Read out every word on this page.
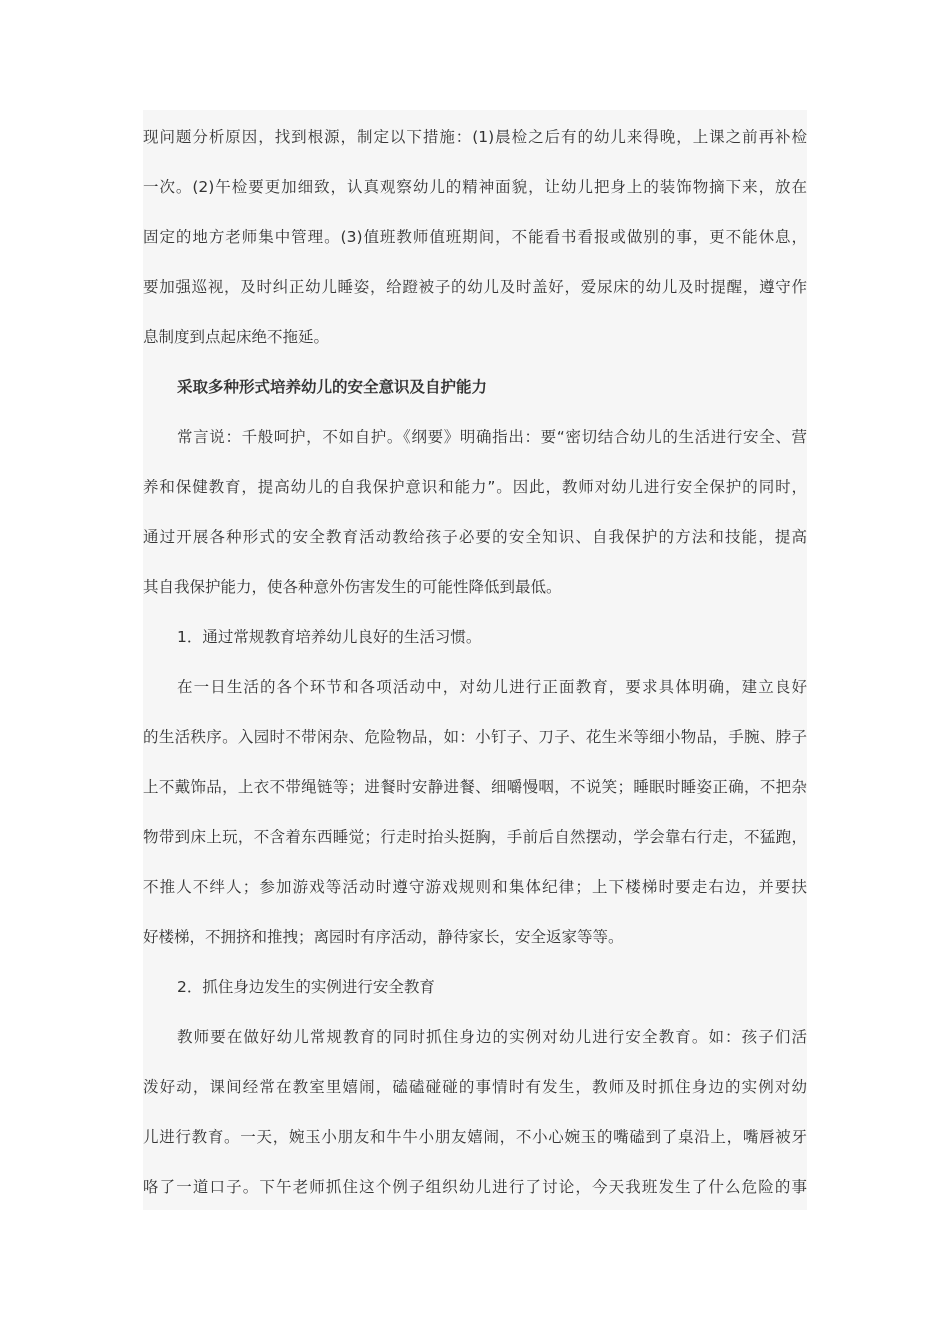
现问题分析原因，找到根源，制定以下措施：(1)晨检之后有的幼儿来得晚，上课之前再补检
一次。(2)午检要更加细致，认真观察幼儿的精神面貌，让幼儿把身上的装饰物摘下来，放在
固定的地方老师集中管理。(3)值班教师值班期间，不能看书看报或做别的事，更不能休息，
要加强巡视，及时纠正幼儿睡姿，给蹬被子的幼儿及时盖好，爱尿床的幼儿及时提醒，遵守作
息制度到点起床绝不拖延。
采取多种形式培养幼儿的安全意识及自护能力
常言说：千般呵护，不如自护。《纲要》明确指出：要“密切结合幼儿的生活进行安全、营
养和保健教育，提高幼儿的自我保护意识和能力”。因此，教师对幼儿进行安全保护的同时，
通过开展各种形式的安全教育活动教给孩子必要的安全知识、自我保护的方法和技能，提高
其自我保护能力，使各种意外伤害发生的可能性降低到最低。
1．通过常规教育培养幼儿良好的生活习惯。
在一日生活的各个环节和各项活动中，对幼儿进行正面教育，要求具体明确，建立良好
的生活秩序。入园时不带闲杂、危险物品，如：小钉子、刀子、花生米等细小物品，手腕、脖子
上不戴饰品，上衣不带绳链等；进餐时安静进餐、细嚼慢咽，不说笑；睡眠时睡姿正确，不把杂
物带到床上玩，不含着东西睡觉；行走时抬头挺胸，手前后自然摆动，学会靠右行走，不猛跑，
不推人不绊人；参加游戏等活动时遵守游戏规则和集体纪律；上下楼梯时要走右边，并要扶
好楼梯，不拥挤和推拽；离园时有序活动，静待家长，安全返家等等。
2．抓住身边发生的实例进行安全教育
教师要在做好幼儿常规教育的同时抓住身边的实例对幼儿进行安全教育。如：孩子们活
泼好动，课间经常在教室里嬉闹，磕磕碰碰的事情时有发生，教师及时抓住身边的实例对幼
儿进行教育。一天，婉玉小朋友和牛牛小朋友嬉闹，不小心婉玉的嘴磕到了桌沿上，嘴唇被牙
咯了一道口子。下午老师抓住这个例子组织幼儿进行了讨论，今天我班发生了什么危险的事
